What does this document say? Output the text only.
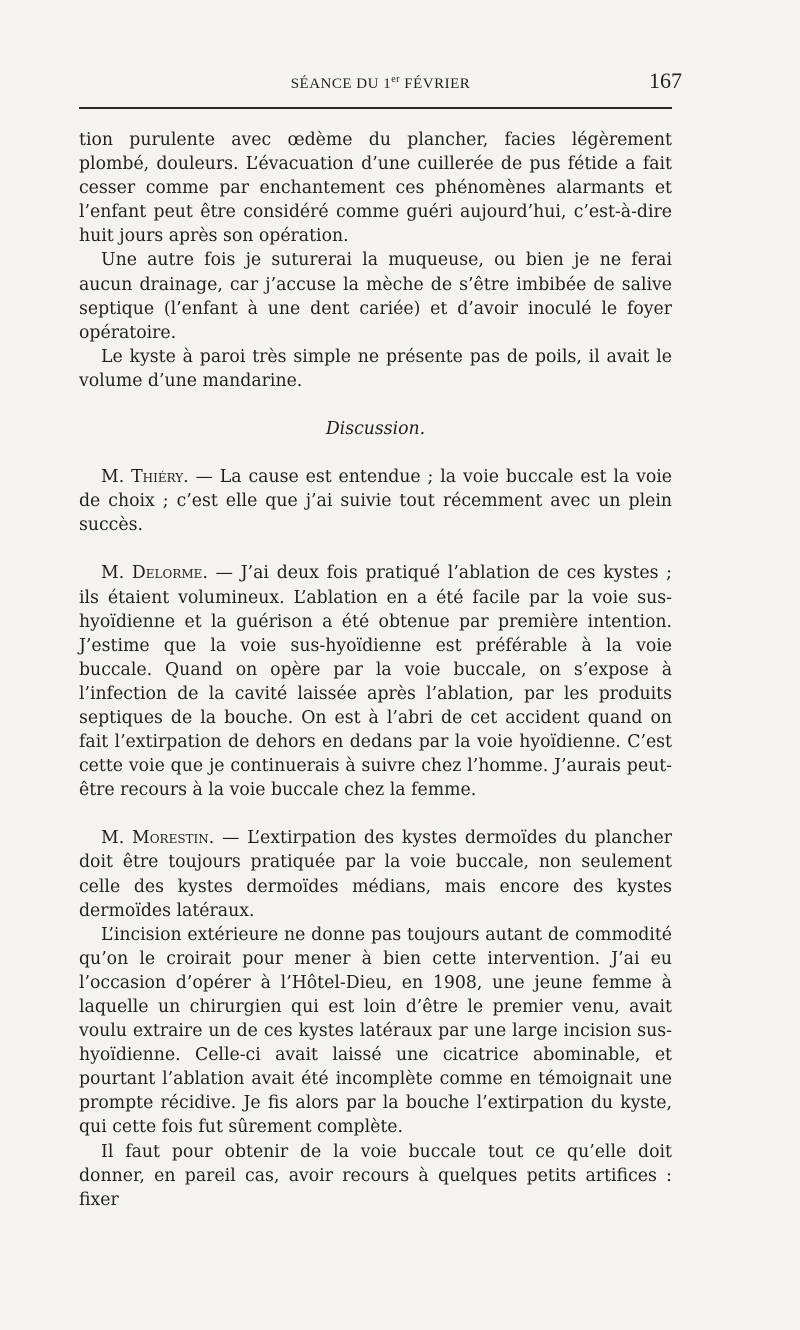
SÉANCE DU 1er FÉVRIER	167

tion purulente avec œdème du plancher, facies légèrement plombé, douleurs. L’évacuation d’une cuillerée de pus fétide a fait cesser comme par enchantement ces phénomènes alarmants et l’enfant peut être considéré comme guéri aujourd’hui, c’est-à-dire huit jours après son opération.

Une autre fois je suturerai la muqueuse, ou bien je ne ferai aucun drainage, car j’accuse la mèche de s’être imbibée de salive septique (l’enfant à une dent cariée) et d’avoir inoculé le foyer opératoire.

Le kyste à paroi très simple ne présente pas de poils, il avait le volume d’une mandarine.

Discussion.

M. Thiéry. — La cause est entendue ; la voie buccale est la voie de choix ; c’est elle que j’ai suivie tout récemment avec un plein succès.

M. Delorme. — J’ai deux fois pratiqué l’ablation de ces kystes ; ils étaient volumineux. L’ablation en a été facile par la voie sus-hyoïdienne et la guérison a été obtenue par première intention. J’estime que la voie sus-hyoïdienne est préférable à la voie buccale. Quand on opère par la voie buccale, on s’expose à l’infection de la cavité laissée après l’ablation, par les produits septiques de la bouche. On est à l’abri de cet accident quand on fait l’extirpation de dehors en dedans par la voie hyoïdienne. C’est cette voie que je continuerais à suivre chez l’homme. J’aurais peut-être recours à la voie buccale chez la femme.

M. Morestin. — L’extirpation des kystes dermoïdes du plancher doit être toujours pratiquée par la voie buccale, non seulement celle des kystes dermoïdes médians, mais encore des kystes dermoïdes latéraux.

L’incision extérieure ne donne pas toujours autant de commodité qu’on le croirait pour mener à bien cette intervention. J’ai eu l’occasion d’opérer à l’Hôtel-Dieu, en 1908, une jeune femme à laquelle un chirurgien qui est loin d’être le premier venu, avait voulu extraire un de ces kystes latéraux par une large incision sus-hyoïdienne. Celle-ci avait laissé une cicatrice abominable, et pourtant l’ablation avait été incomplète comme en témoignait une prompte récidive. Je fis alors par la bouche l’extirpation du kyste, qui cette fois fut sûrement complète.

Il faut pour obtenir de la voie buccale tout ce qu’elle doit donner, en pareil cas, avoir recours à quelques petits artifices : fixer
